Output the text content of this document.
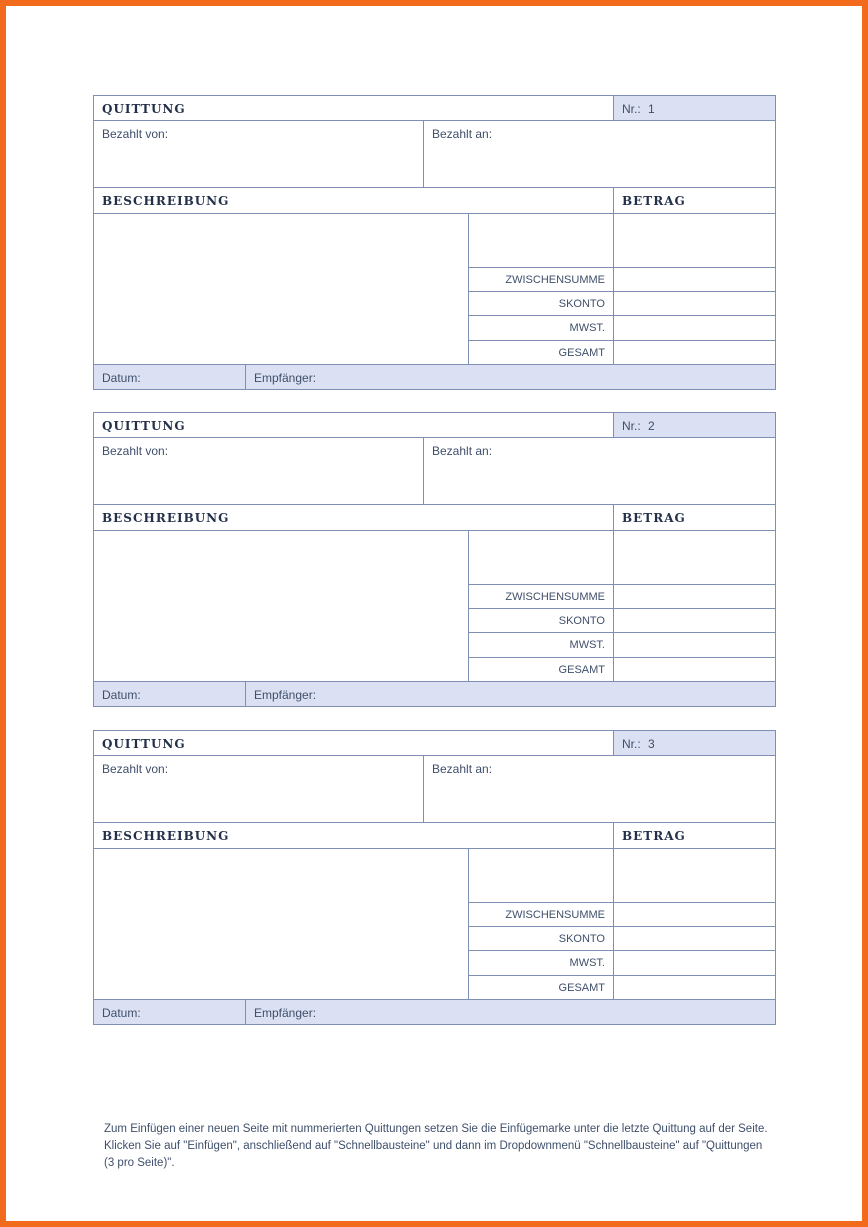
QUITTUNG	Nr.: 1
Bezahlt von:	Bezahlt an:
BESCHREIBUNG	BETRAG
ZWISCHENSUMME
SKONTO
MWST.
GESAMT
Datum:	Empfänger:
QUITTUNG	Nr.: 2
Bezahlt von:	Bezahlt an:
BESCHREIBUNG	BETRAG
ZWISCHENSUMME
SKONTO
MWST.
GESAMT
Datum:	Empfänger:
QUITTUNG	Nr.: 3
Bezahlt von:	Bezahlt an:
BESCHREIBUNG	BETRAG
ZWISCHENSUMME
SKONTO
MWST.
GESAMT
Datum:	Empfänger:
Zum Einfügen einer neuen Seite mit nummerierten Quittungen setzen Sie die Einfügemarke unter die letzte Quittung auf der Seite. Klicken Sie auf "Einfügen", anschließend auf "Schnellbausteine" und dann im Dropdownmenü "Schnellbausteine" auf "Quittungen (3 pro Seite)".
